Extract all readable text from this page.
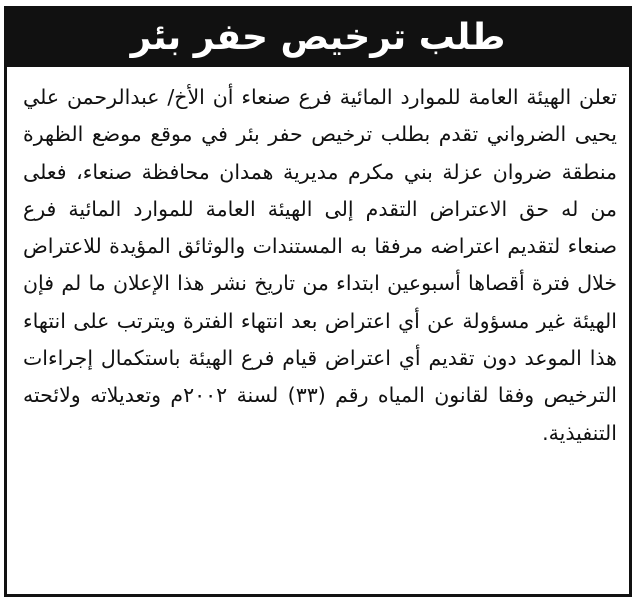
طلب ترخيص حفر بئر

تعلن الهيئة العامة للموارد المائية فرع صنعاء أن الأخ/ عبدالرحمن علي يحيى الضرواني تقدم بطلب ترخيص حفر بئر في موقع موضع الظهرة منطقة ضروان عزلة بني مكرم مديرية همدان محافظة صنعاء، فعلى من له حق الاعتراض التقدم إلى الهيئة العامة للموارد المائية فرع صنعاء لتقديم اعتراضه مرفقا به المستندات والوثائق المؤيدة للاعتراض خلال فترة أقصاها أسبوعين ابتداء من تاريخ نشر هذا الإعلان ما لم فإن الهيئة غير مسؤولة عن أي اعتراض بعد انتهاء الفترة ويترتب على انتهاء هذا الموعد دون تقديم أي اعتراض قيام فرع الهيئة باستكمال إجراءات الترخيص وفقا لقانون المياه رقم (٣٣) لسنة ٢٠٠٢م وتعديلاته ولائحته التنفيذية.
